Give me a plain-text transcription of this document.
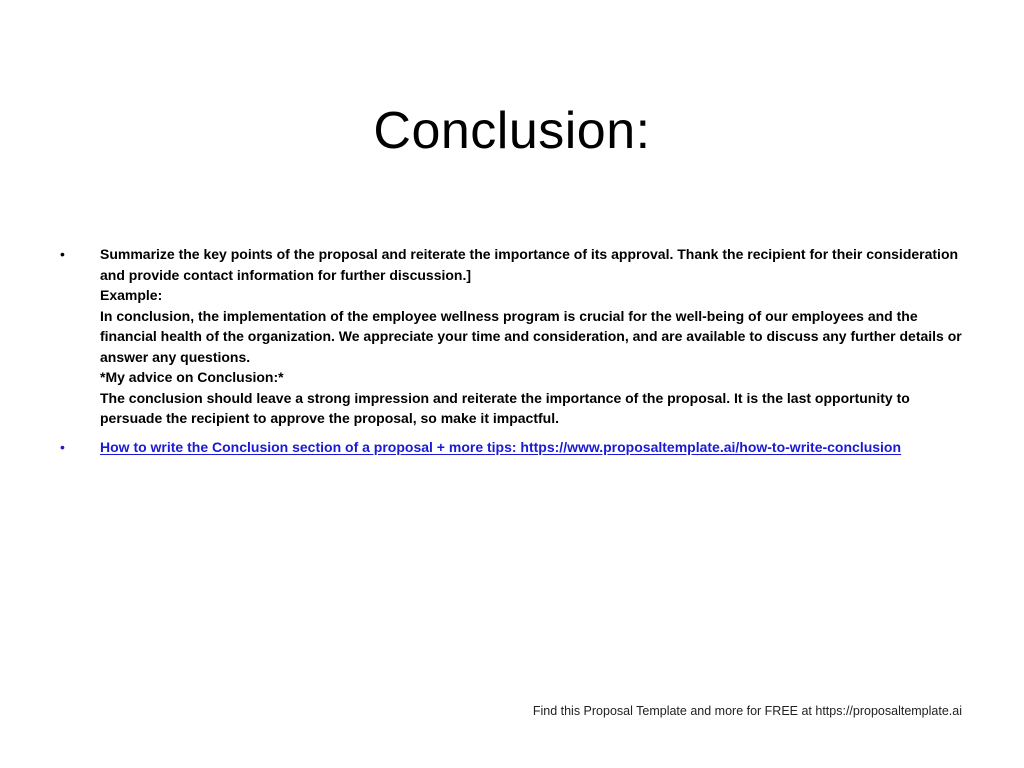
Conclusion:
•	Summarize the key points of the proposal and reiterate the importance of its approval. Thank the recipient for their consideration and provide contact information for further discussion.]
Example:
In conclusion, the implementation of the employee wellness program is crucial for the well-being of our employees and the financial health of the organization. We appreciate your time and consideration, and are available to discuss any further details or answer any questions.
*My advice on Conclusion:*
The conclusion should leave a strong impression and reiterate the importance of the proposal. It is the last opportunity to persuade the recipient to approve the proposal, so make it impactful.
•	How to write the Conclusion section of a proposal + more tips: https://www.proposaltemplate.ai/how-to-write-conclusion
Find this Proposal Template and more for FREE at https://proposaltemplate.ai
